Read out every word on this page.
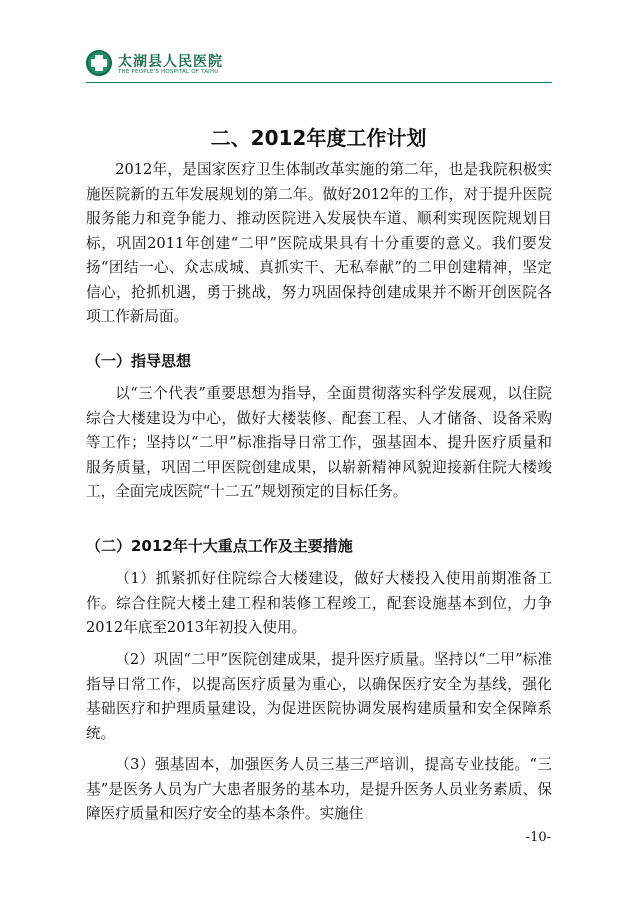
太湖县人民医院
THE PEOPLE'S HOSPITAL OF TAIHU
二、2012年度工作计划

2012年，是国家医疗卫生体制改革实施的第二年，也是我院积极实施医院新的五年发展规划的第二年。做好2012年的工作，对于提升医院服务能力和竞争能力、推动医院进入发展快车道、顺利实现医院规划目标，巩固2011年创建“二甲”医院成果具有十分重要的意义。我们要发扬“团结一心、众志成城、真抓实干、无私奉献”的二甲创建精神，坚定信心，抢抓机遇，勇于挑战，努力巩固保持创建成果并不断开创医院各项工作新局面。

（一）指导思想

以“三个代表”重要思想为指导，全面贯彻落实科学发展观，以住院综合大楼建设为中心，做好大楼装修、配套工程、人才储备、设备采购等工作；坚持以“二甲”标准指导日常工作，强基固本、提升医疗质量和服务质量，巩固二甲医院创建成果，以崭新精神风貌迎接新住院大楼竣工，全面完成医院“十二五”规划预定的目标任务。

（二）2012年十大重点工作及主要措施

（1）抓紧抓好住院综合大楼建设，做好大楼投入使用前期准备工作。综合住院大楼土建工程和装修工程竣工，配套设施基本到位，力争2012年底至2013年初投入使用。

（2）巩固“二甲”医院创建成果，提升医疗质量。坚持以“二甲”标准指导日常工作，以提高医疗质量为重心，以确保医疗安全为基线，强化基础医疗和护理质量建设，为促进医院协调发展构建质量和安全保障系统。

（3）强基固本，加强医务人员三基三严培训，提高专业技能。“三基”是医务人员为广大患者服务的基本功，是提升医务人员业务素质、保障医疗质量和医疗安全的基本条件。实施住

-10-
